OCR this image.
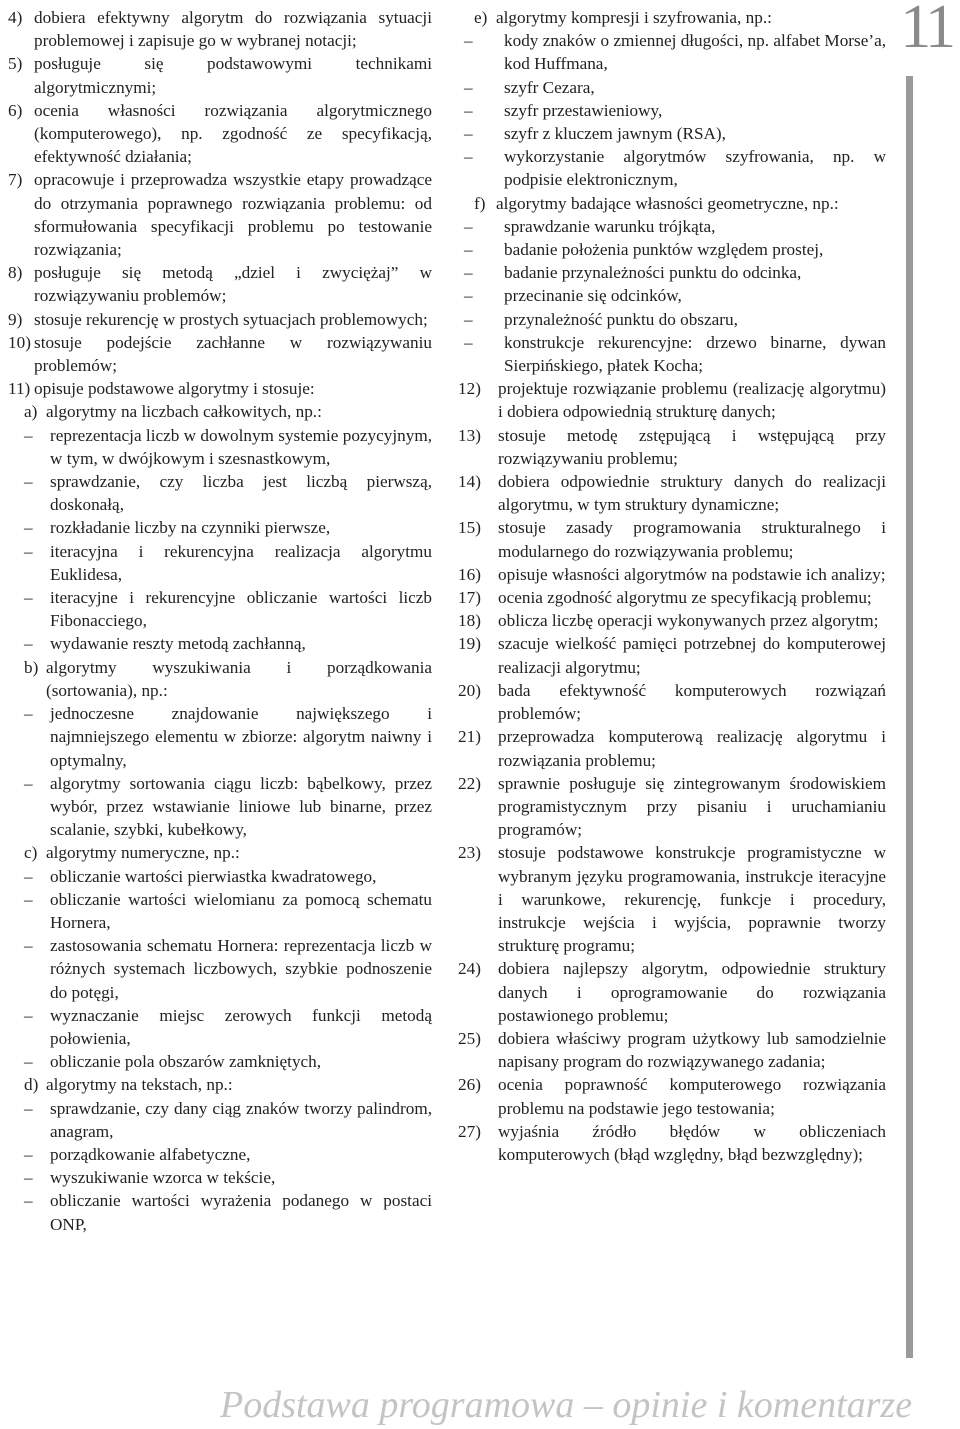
4) dobiera efektywny algorytm do rozwiązania sytuacji problemowej i zapisuje go w wybranej notacji;
5) posługuje się podstawowymi technikami algorytmicznymi;
6) ocenia własności rozwiązania algorytmicznego (komputerowego), np. zgodność ze specyfikacją, efektywność działania;
7) opracowuje i przeprowadza wszystkie etapy prowadzące do otrzymania poprawnego rozwiązania problemu: od sformułowania specyfikacji problemu po testowanie rozwiązania;
8) posługuje się metodą „dziel i zwyciężaj” w rozwiązywaniu problemów;
9) stosuje rekurencję w prostych sytuacjach problemowych;
10) stosuje podejście zachłanne w rozwiązywaniu problemów;
11) opisuje podstawowe algorytmy i stosuje:
a) algorytmy na liczbach całkowitych, np.:
–	reprezentacja liczb w dowolnym systemie pozycyjnym, w tym, w dwójkowym i szesnastkowym,
–	sprawdzanie, czy liczba jest liczbą pierwszą, doskonałą,
–	rozkładanie liczby na czynniki pierwsze,
–	iteracyjna i rekurencyjna realizacja algorytmu Euklidesa,
–	iteracyjne i rekurencyjne obliczanie wartości liczb Fibonacciego,
–	wydawanie reszty metodą zachłanną,
b) algorytmy wyszukiwania i porządkowania (sortowania), np.:
–	jednoczesne znajdowanie największego i najmniejszego elementu w zbiorze: algorytm naiwny i optymalny,
–	algorytmy sortowania ciągu liczb: bąbelkowy, przez wybór, przez wstawianie liniowe lub binarne, przez scalanie, szybki, kubełkowy,
c) algorytmy numeryczne, np.:
–	obliczanie wartości pierwiastka kwadratowego,
–	obliczanie wartości wielomianu za pomocą schematu Hornera,
–	zastosowania schematu Hornera: reprezentacja liczb w różnych systemach liczbowych, szybkie podnoszenie do potęgi,
–	wyznaczanie miejsc zerowych funkcji metodą połowienia,
–	obliczanie pola obszarów zamkniętych,
d) algorytmy na tekstach, np.:
–	sprawdzanie, czy dany ciąg znaków tworzy palindrom, anagram,
–	porządkowanie alfabetyczne,
–	wyszukiwanie wzorca w tekście,
–	obliczanie wartości wyrażenia podanego w postaci ONP,
e) algorytmy kompresji i szyfrowania, np.:
–	kody znaków o zmiennej długości, np. alfabet Morse’a, kod Huffmana,
–	szyfr Cezara,
–	szyfr przestawieniowy,
–	szyfr z kluczem jawnym (RSA),
–	wykorzystanie algorytmów szyfrowania, np. w podpisie elektronicznym,
f) algorytmy badające własności geometryczne, np.:
–	sprawdzanie warunku trójkąta,
–	badanie położenia punktów względem prostej,
–	badanie przynależności punktu do odcinka,
–	przecinanie się odcinków,
–	przynależność punktu do obszaru,
–	konstrukcje rekurencyjne: drzewo binarne, dywan Sierpińskiego, płatek Kocha;
12) projektuje rozwiązanie problemu (realizację algorytmu) i dobiera odpowiednią strukturę danych;
13) stosuje metodę zstępującą i wstępującą przy rozwiązywaniu problemu;
14) dobiera odpowiednie struktury danych do realizacji algorytmu, w tym struktury dynamiczne;
15) stosuje zasady programowania strukturalnego i modularnego do rozwiązywania problemu;
16) opisuje własności algorytmów na podstawie ich analizy;
17) ocenia zgodność algorytmu ze specyfikacją problemu;
18) oblicza liczbę operacji wykonywanych przez algorytm;
19) szacuje wielkość pamięci potrzebnej do komputerowej realizacji algorytmu;
20) bada efektywność komputerowych rozwiązań problemów;
21) przeprowadza komputerową realizację algorytmu i rozwiązania problemu;
22) sprawnie posługuje się zintegrowanym środowiskiem programistycznym przy pisaniu i uruchamianiu programów;
23) stosuje podstawowe konstrukcje programistyczne w wybranym języku programowania, instrukcje iteracyjne i warunkowe, rekurencję, funkcje i procedury, instrukcje wejścia i wyjścia, poprawnie tworzy strukturę programu;
24) dobiera najlepszy algorytm, odpowiednie struktury danych i oprogramowanie do rozwiązania postawionego problemu;
25) dobiera właściwy program użytkowy lub samodzielnie napisany program do rozwiązywanego zadania;
26) ocenia poprawność komputerowego rozwiązania problemu na podstawie jego testowania;
27) wyjaśnia źródło błędów w obliczeniach komputerowych (błąd względny, błąd bezwzględny);
11
Podstawa programowa – opinie i komentarze
